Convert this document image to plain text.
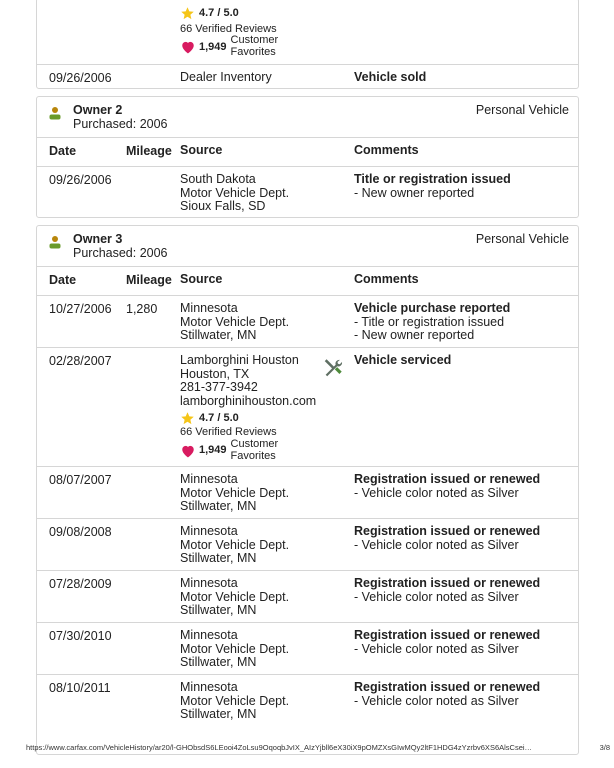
4.7 / 5.0
66 Verified Reviews
1,949
Customer Favorites
09/26/2006	Dealer Inventory	Vehicle sold
Owner 2
Purchased: 2006
Personal Vehicle
Date	Mileage Source	Comments
09/26/2006	South Dakota
Motor Vehicle Dept.
Sioux Falls, SD
Title or registration issued
- New owner reported
Owner 3
Purchased: 2006
Personal Vehicle
Date	Mileage Source	Comments
10/27/2006 1,280 Minnesota
Motor Vehicle Dept.
Stillwater, MN
Vehicle purchase reported
- Title or registration issued
- New owner reported
02/28/2007	Lamborghini Houston
Houston, TX
281-377-3942
lamborghinihouston.com
4.7 / 5.0
66 Verified Reviews
1,949 Customer Favorites
Vehicle serviced
08/07/2007	Minnesota
Motor Vehicle Dept.
Stillwater, MN
Registration issued or renewed
- Vehicle color noted as Silver
09/08/2008	Minnesota
Motor Vehicle Dept.
Stillwater, MN
Registration issued or renewed
- Vehicle color noted as Silver
07/28/2009	Minnesota
Motor Vehicle Dept.
Stillwater, MN
Registration issued or renewed
- Vehicle color noted as Silver
07/30/2010	Minnesota
Motor Vehicle Dept.
Stillwater, MN
Registration issued or renewed
- Vehicle color noted as Silver
08/10/2011	Minnesota
Motor Vehicle Dept.
Stillwater, MN
Registration issued or renewed
- Vehicle color noted as Silver
https://www.carfax.com/VehicleHistory/ar20/l-GHObsdS6LEooi4ZoLsu9OqoqbJvIX_AIzYjbll6eX30iX9pOMZXsGIwMQy2ltF1HDG4zYzrbv6XS6AlsCsei…	3/8
